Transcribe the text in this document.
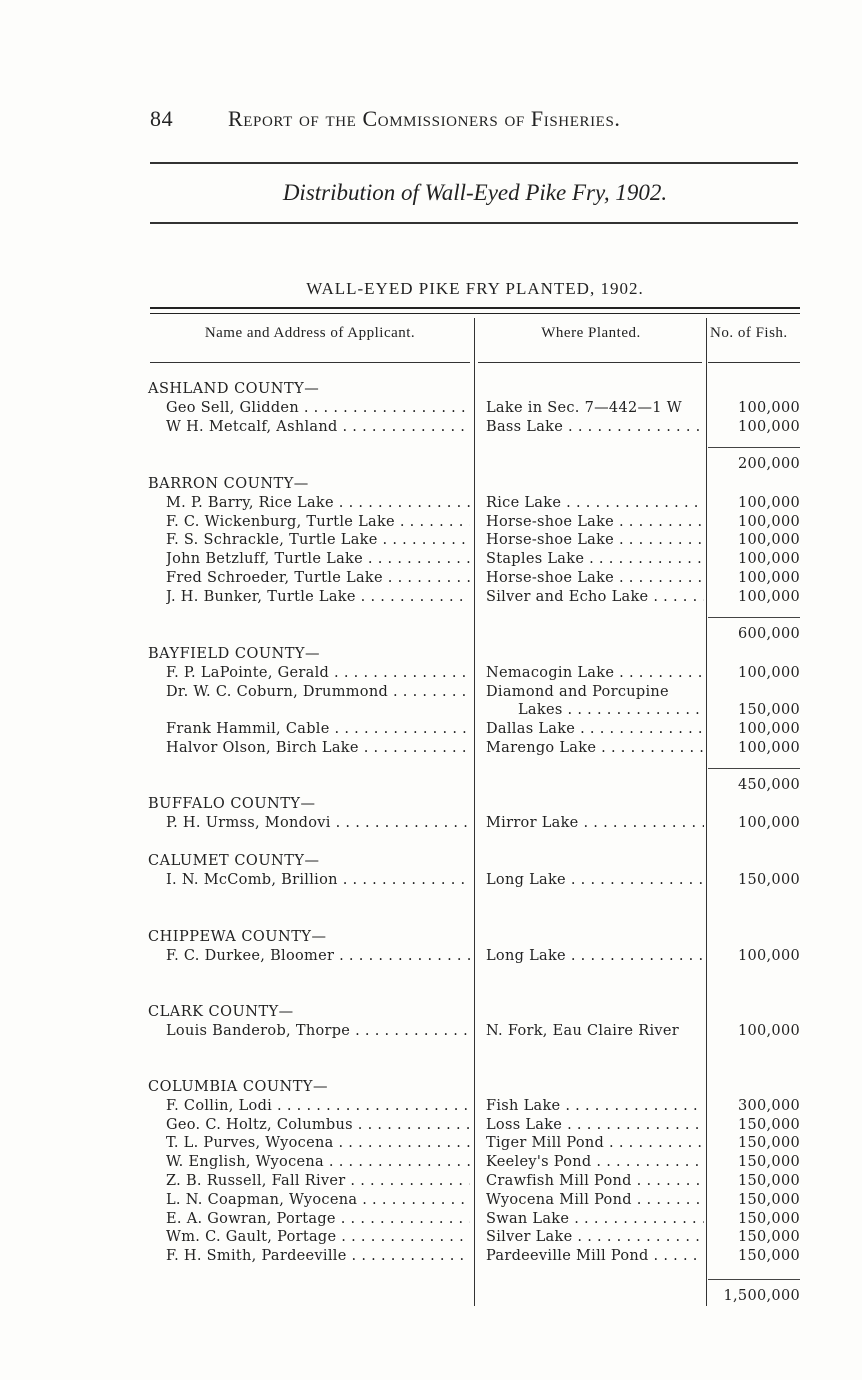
84 Report of the Commissioners of Fisheries.
Distribution of Wall-Eyed Pike Fry, 1902.
WALL-EYED PIKE FRY PLANTED, 1902.
Name and Address of Applicant.	Where Planted.	No. of Fish.
ASHLAND COUNTY—
Geo Sell, Glidden . . .	Lake in Sec. 7—442—1 W	100,000
W H. Metcalf, Ashland . . .	Bass Lake . . .	100,000
200,000
BARRON COUNTY—
M. P. Barry, Rice Lake . . .	Rice Lake . . .	100,000
F. C. Wickenburg, Turtle Lake . . .	Horse-shoe Lake . . .	100,000
F. S. Schrackle, Turtle Lake . . .	Horse-shoe Lake . . .	100,000
John Betzluff, Turtle Lake . . .	Staples Lake . . .	100,000
Fred Schroeder, Turtle Lake . . .	Horse-shoe Lake . . .	100,000
J. H. Bunker, Turtle Lake . . .	Silver and Echo Lake . . .	100,000
600,000
BAYFIELD COUNTY—
F. P. LaPointe, Gerald . . .	Nemacogin Lake . . .	100,000
Dr. W. C. Coburn, Drummond . . .	Diamond and Porcupine
Lakes . . .	150,000
Frank Hammil, Cable . . .	Dallas Lake . . .	100,000
Halvor Olson, Birch Lake . . .	Marengo Lake . . .	100,000
450,000
BUFFALO COUNTY—
P. H. Urmss, Mondovi . . .	Mirror Lake . . .	100,000
CALUMET COUNTY—
I. N. McComb, Brillion . . .	Long Lake . . .	150,000
CHIPPEWA COUNTY—
F. C. Durkee, Bloomer . . .	Long Lake . . .	100,000
CLARK COUNTY—
Louis Banderob, Thorpe . . .	N. Fork, Eau Claire River	100,000
COLUMBIA COUNTY—
F. Collin, Lodi . . .	Fish Lake . . .	300,000
Geo. C. Holtz, Columbus . . .	Loss Lake . . .	150,000
T. L. Purves, Wyocena . . .	Tiger Mill Pond . . .	150,000
W. English, Wyocena . . .	Keeley's Pond . . .	150,000
Z. B. Russell, Fall River . . .	Crawfish Mill Pond . . .	150,000
L. N. Coapman, Wyocena . . .	Wyocena Mill Pond . . .	150,000
E. A. Gowran, Portage . . .	Swan Lake . . .	150,000
Wm. C. Gault, Portage . . .	Silver Lake . . .	150,000
F. H. Smith, Pardeeville . . .	Pardeeville Mill Pond . . .	150,000
1,500,000
